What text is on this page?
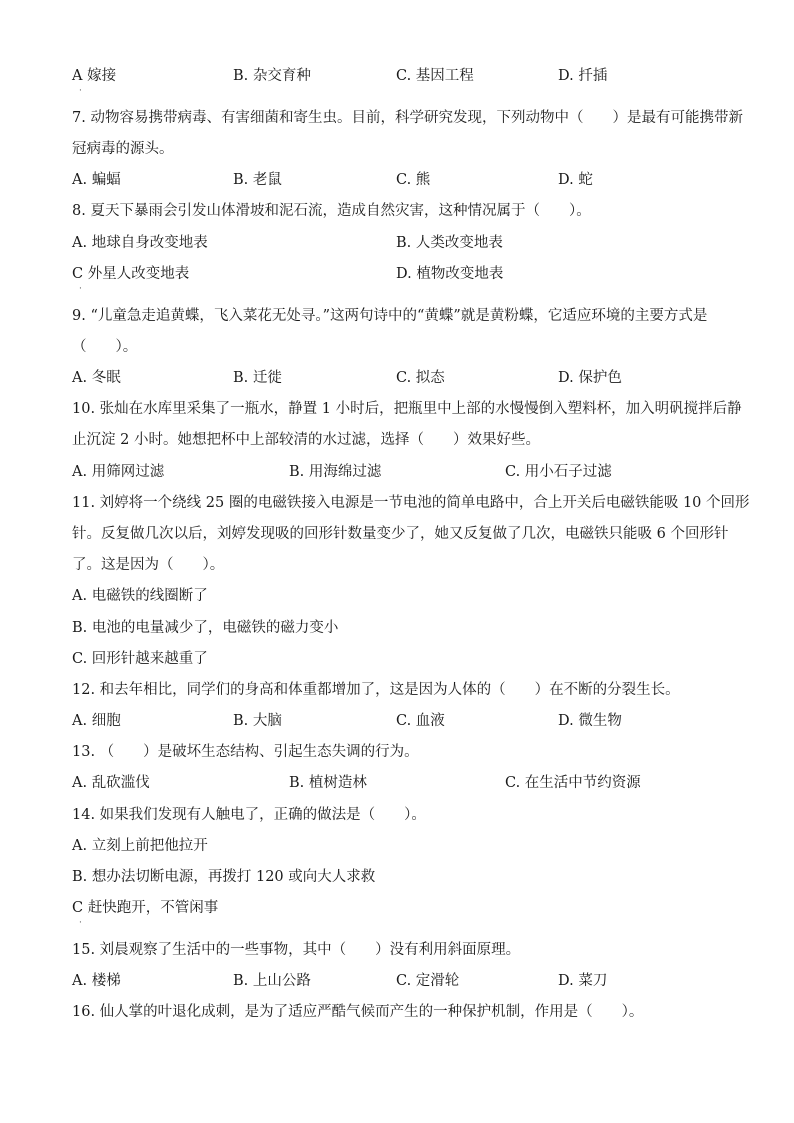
A 嫁接	B. 杂交育种	C. 基因工程	D. 扦插
·
7. 动物容易携带病毒、有害细菌和寄生虫。目前，科学研究发现，下列动物中（　　）是最有可能携带新
冠病毒的源头。
A. 蝙蝠	B. 老鼠	C. 熊	D. 蛇
8. 夏天下暴雨会引发山体滑坡和泥石流，造成自然灾害，这种情况属于（　　）。
A. 地球自身改变地表	B. 人类改变地表
C 外星人改变地表	D. 植物改变地表
·
9. “儿童急走追黄蝶，飞入菜花无处寻。”这两句诗中的“黄蝶”就是黄粉蝶，它适应环境的主要方式是
（　　）。
A. 冬眠	B. 迁徙	C. 拟态	D. 保护色
10. 张灿在水库里采集了一瓶水，静置 1 小时后，把瓶里中上部的水慢慢倒入塑料杯，加入明矾搅拌后静
止沉淀 2 小时。她想把杯中上部较清的水过滤，选择（　　）效果好些。
A. 用筛网过滤	B. 用海绵过滤	C. 用小石子过滤
11. 刘婷将一个绕线 25 圈的电磁铁接入电源是一节电池的简单电路中，合上开关后电磁铁能吸 10 个回形
针。反复做几次以后，刘婷发现吸的回形针数量变少了，她又反复做了几次，电磁铁只能吸 6 个回形针
了。这是因为（　　）。
A. 电磁铁的线圈断了
B. 电池的电量减少了，电磁铁的磁力变小
C. 回形针越来越重了
12. 和去年相比，同学们的身高和体重都增加了，这是因为人体的（　　）在不断的分裂生长。
A. 细胞	B. 大脑	C. 血液	D. 微生物
13. （　　）是破坏生态结构、引起生态失调的行为。
A. 乱砍滥伐	B. 植树造林	C. 在生活中节约资源
14. 如果我们发现有人触电了，正确的做法是（　　）。
A. 立刻上前把他拉开
B. 想办法切断电源，再拨打 120 或向大人求救
C 赶快跑开，不管闲事
·
15. 刘晨观察了生活中的一些事物，其中（　　）没有利用斜面原理。
A. 楼梯	B. 上山公路	C. 定滑轮	D. 菜刀
16. 仙人掌的叶退化成刺，是为了适应严酷气候而产生的一种保护机制，作用是（　　）。
